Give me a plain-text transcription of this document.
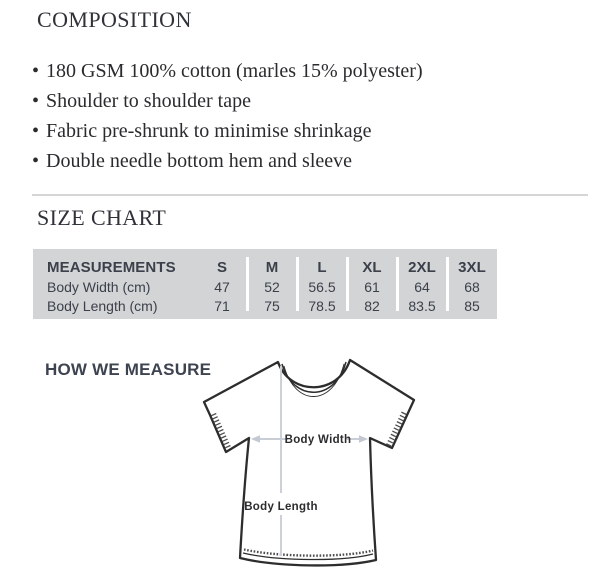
COMPOSITION
• 180 GSM 100% cotton (marles 15% polyester)
• Shoulder to shoulder tape
• Fabric pre-shrunk to minimise shrinkage
• Double needle bottom hem and sleeve
SIZE CHART
MEASUREMENTS	S	M	L	XL	2XL	3XL
Body Width (cm)	47	52	56.5	61	64	68
Body Length (cm)	71	75	78.5	82	83.5	85
HOW WE MEASURE
Body Width
Body Length
